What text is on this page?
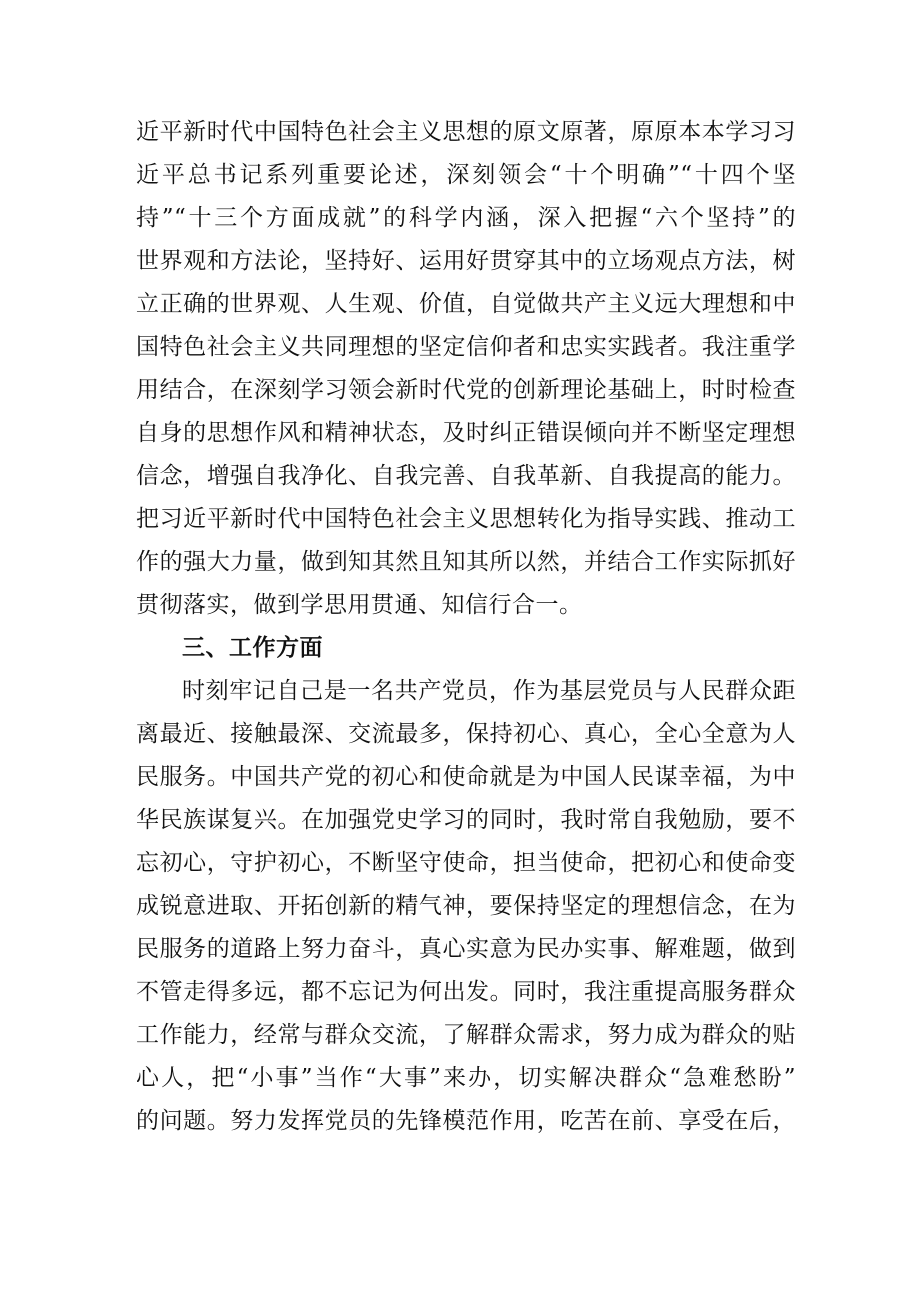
近平新时代中国特色社会主义思想的原文原著，原原本本学习习
近平总书记系列重要论述，深刻领会“十个明确”“十四个坚
持”“十三个方面成就”的科学内涵，深入把握“六个坚持”的
世界观和方法论，坚持好、运用好贯穿其中的立场观点方法，树
立正确的世界观、人生观、价值，自觉做共产主义远大理想和中
国特色社会主义共同理想的坚定信仰者和忠实实践者。我注重学
用结合，在深刻学习领会新时代党的创新理论基础上，时时检查
自身的思想作风和精神状态，及时纠正错误倾向并不断坚定理想
信念，增强自我净化、自我完善、自我革新、自我提高的能力。
把习近平新时代中国特色社会主义思想转化为指导实践、推动工
作的强大力量，做到知其然且知其所以然，并结合工作实际抓好
贯彻落实，做到学思用贯通、知信行合一。
三、工作方面
时刻牢记自己是一名共产党员，作为基层党员与人民群众距
离最近、接触最深、交流最多，保持初心、真心，全心全意为人
民服务。中国共产党的初心和使命就是为中国人民谋幸福，为中
华民族谋复兴。在加强党史学习的同时，我时常自我勉励，要不
忘初心，守护初心，不断坚守使命，担当使命，把初心和使命变
成锐意进取、开拓创新的精气神，要保持坚定的理想信念，在为
民服务的道路上努力奋斗，真心实意为民办实事、解难题，做到
不管走得多远，都不忘记为何出发。同时，我注重提高服务群众
工作能力，经常与群众交流，了解群众需求，努力成为群众的贴
心人，把“小事”当作“大事”来办，切实解决群众“急难愁盼”
的问题。努力发挥党员的先锋模范作用，吃苦在前、享受在后，
